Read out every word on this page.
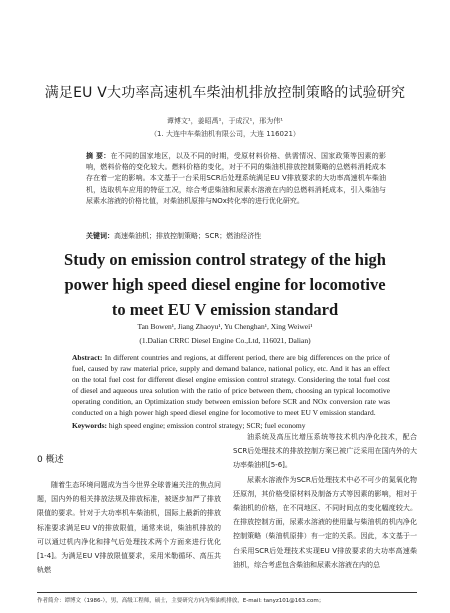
满足EU V大功率高速机车柴油机排放控制策略的试验研究
谭博文¹，姜昭禹¹，于成汉¹，邢为伟¹
（1. 大连中车柴油机有限公司，大连 116021）
摘 要：在不同的国家地区，以及不同的时期，受原材料价格、供需情况、国家政策等因素的影响，燃料价格的变化较大。燃料价格的变化，对于不同的柴油机排放控制策略的总燃料消耗成本存在着一定的影响。本文基于一台采用SCR后处理系统满足EU V排放要求的大功率高速机车柴油机，选取机车应用的特征工况，综合考虑柴油和尿素水溶液在内的总燃料消耗成本，引入柴油与尿素水溶液的价格比值，对柴油机原排与NOx转化率的进行优化研究。
关键词：高速柴油机；排放控制策略；SCR；燃油经济性
Study on emission control strategy of the high power high speed diesel engine for locomotive to meet EU V emission standard
Tan Bowen¹, Jiang Zhaoyu¹, Yu Chenghan¹, Xing Weiwei¹
(1.Dalian CRRC Diesel Engine Co.,Ltd, 116021, Dalian)
Abstract: In different countries and regions, at different period, there are big differences on the price of fuel, caused by raw material price, supply and demand balance, national policy, etc. And it has an effect on the total fuel cost for different diesel engine emission control strategy. Considering the total fuel cost of diesel and aqueous urea solution with the ratio of price between them, choosing an typical locomotive operating condition, an Optimization study between emission before SCR and NOx conversion rate was conducted on a high power high speed diesel engine for locomotive to meet EU V emission standard.
Keywords: high speed engine; emission control strategy; SCR; fuel economy
0 概述
随着生态环境问题成为当今世界全球普遍关注的焦点问题，国内外的相关排放法规及排放标准，被逐步加严了排放限值的要求。针对于大功率机车柴油机，国际上最新的排放标准要求满足EU V的排放限值，通常来说，柴油机排放的可以通过机内净化和排气后处理技术两个方面来进行优化[1-4]。为满足EU V排放限值要求，采用米勒循环、高压共轨燃

油系统及高压比增压系统等技术机内净化技术，配合SCR后处理技术的排放控制方案已被广泛采用在国内外的大功率柴油机[5-6]。

尿素水溶液作为SCR后处理技术中必不可少的氮氧化物还原剂，其价格受原材料及制备方式等因素的影响，相对于柴油机的价格，在不同地区、不同时间点的变化幅度较大。在排放控制方面，尿素水溶液的使用量与柴油机的机内净化控制策略（柴油机原排）有一定的关系。因此，本文基于一台采用SCR后处理技术实现EU V排放要求的大功率高速柴油机，综合考虑包含柴油和尿素水溶液在内的总

作者简介：谭博文（1986-），男，高级工程师，硕士，主要研究方向为柴油机排放，E-mail: tanyz101@163.com；
